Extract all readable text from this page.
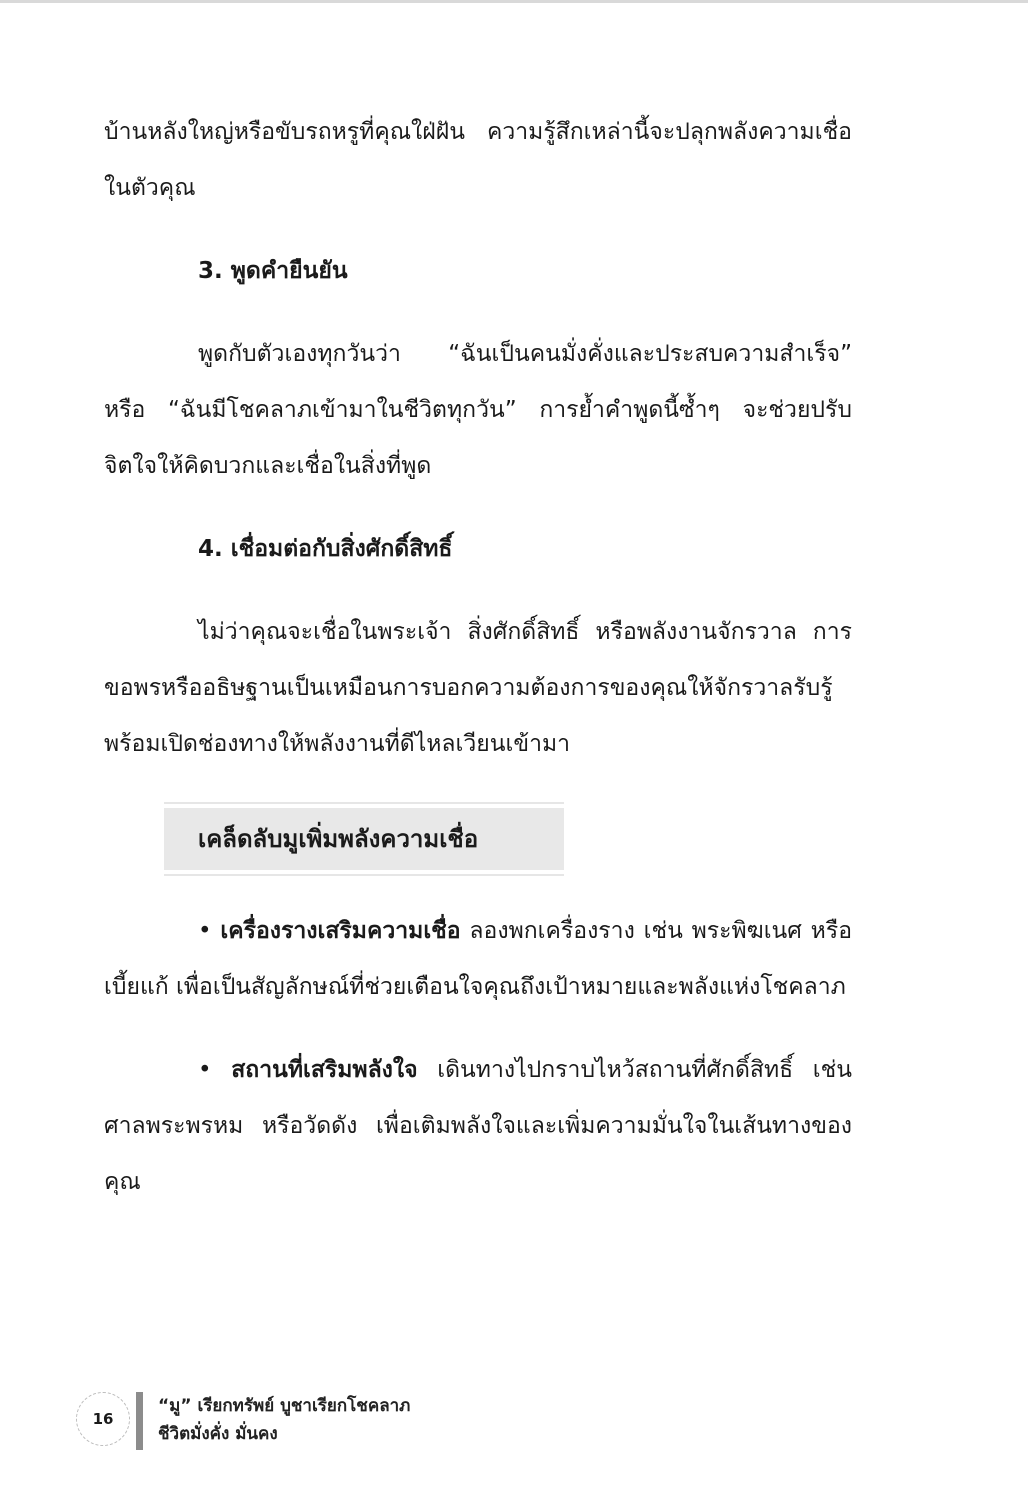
บ้านหลังใหญ่หรือขับรถหรูที่คุณใฝ่ฝัน ความรู้สึกเหล่านี้จะปลุกพลังความเชื่อในตัวคุณ

3. พูดคำยืนยัน

พูดกับตัวเองทุกวันว่า “ฉันเป็นคนมั่งคั่งและประสบความสำเร็จ” หรือ “ฉันมีโชคลาภเข้ามาในชีวิตทุกวัน” การย้ำคำพูดนี้ซ้ำๆ จะช่วยปรับจิตใจให้คิดบวกและเชื่อในสิ่งที่พูด

4. เชื่อมต่อกับสิ่งศักดิ์สิทธิ์

ไม่ว่าคุณจะเชื่อในพระเจ้า สิ่งศักดิ์สิทธิ์ หรือพลังงานจักรวาล การขอพรหรืออธิษฐานเป็นเหมือนการบอกความต้องการของคุณให้จักรวาลรับรู้ พร้อมเปิดช่องทางให้พลังงานที่ดีไหลเวียนเข้ามา

เคล็ดลับมูเพิ่มพลังความเชื่อ

• เครื่องรางเสริมความเชื่อ ลองพกเครื่องราง เช่น พระพิฆเนศ หรือเบี้ยแก้ เพื่อเป็นสัญลักษณ์ที่ช่วยเตือนใจคุณถึงเป้าหมายและพลังแห่งโชคลาภ

• สถานที่เสริมพลังใจ เดินทางไปกราบไหว้สถานที่ศักดิ์สิทธิ์ เช่น ศาลพระพรหม หรือวัดดัง เพื่อเติมพลังใจและเพิ่มความมั่นใจในเส้นทางของคุณ

16
“มู” เรียกทรัพย์ บูชาเรียกโชคลาภ
ชีวิตมั่งคั่ง มั่นคง
